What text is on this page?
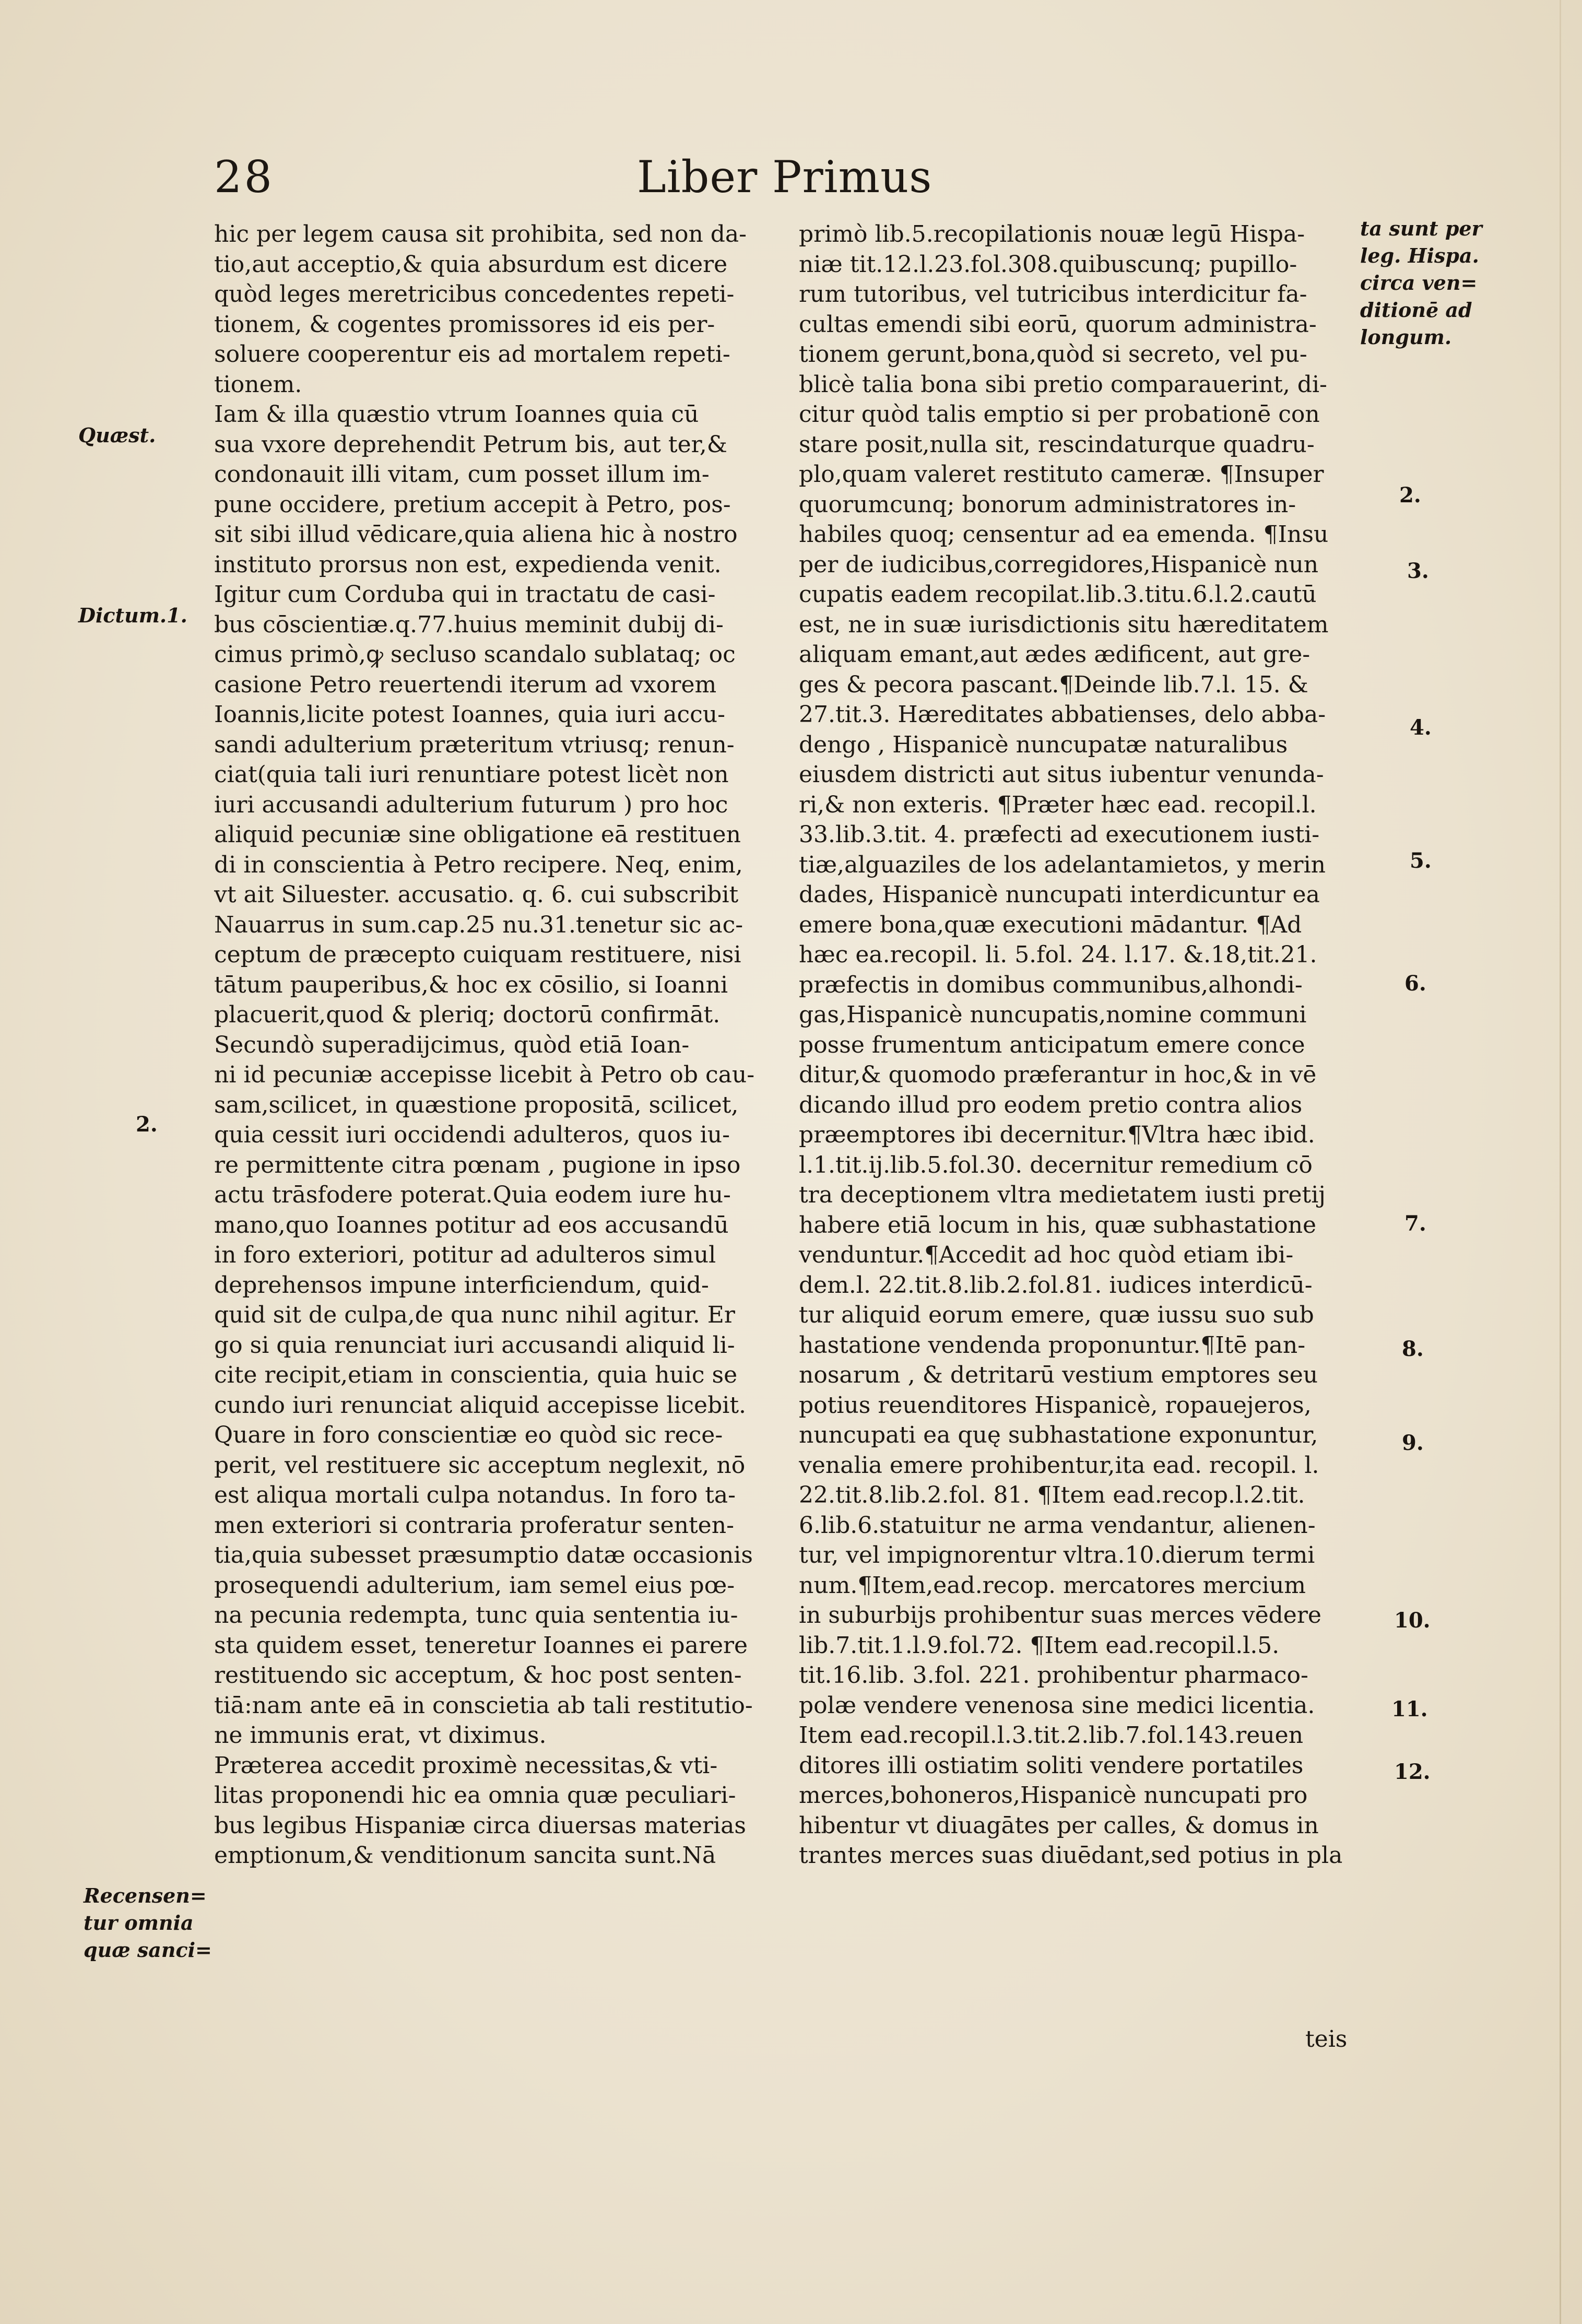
28	Liber Primus
hic per legem causa sit prohibita, sed non da-
tio,aut acceptio,& quia absurdum est dicere
quòd leges meretricibus concedentes repeti-
tionem, & cogentes promissores id eis per-
soluere cooperentur eis ad mortalem repeti-
tionem.
Iam & illa quæstio vtrum Ioannes quia cū
sua vxore deprehendit Petrum bis, aut ter,&
condonauit illi vitam, cum posset illum im-
pune occidere, pretium accepit à Petro, pos-
sit sibi illud vēdicare,quia aliena hic à nostro
instituto prorsus non est, expedienda venit.
Igitur cum Corduba qui in tractatu de casi-
bus cōscientiæ.q.77.huius meminit dubij di-
cimus primò,ꝙ secluso scandalo sublataq; oc
casione Petro reuertendi iterum ad vxorem
Ioannis,licite potest Ioannes, quia iuri accu-
sandi adulterium præteritum vtriusq; renun-
ciat(quia tali iuri renuntiare potest licèt non
iuri accusandi adulterium futurum ) pro hoc
aliquid pecuniæ sine obligatione eā restituen
di in conscientia à Petro recipere. Neq, enim,
vt ait Siluester. accusatio. q. 6. cui subscribit
Nauarrus in sum.cap.25 nu.31.tenetur sic ac-
ceptum de præcepto cuiquam restituere, nisi
tātum pauperibus,& hoc ex cōsilio, si Ioanni
placuerit,quod & pleriq; doctorū confirmāt.
Secundò superadijcimus, quòd etiā Ioan-
ni id pecuniæ accepisse licebit à Petro ob cau-
sam,scilicet, in quæstione propositā, scilicet,
quia cessit iuri occidendi adulteros, quos iu-
re permittente citra pœnam , pugione in ipso
actu trāsfodere poterat.Quia eodem iure hu-
mano,quo Ioannes potitur ad eos accusandū
in foro exteriori, potitur ad adulteros simul
deprehensos impune interficiendum, quid-
quid sit de culpa,de qua nunc nihil agitur. Er
go si quia renunciat iuri accusandi aliquid li-
cite recipit,etiam in conscientia, quia huic se
cundo iuri renunciat aliquid accepisse licebit.
Quare in foro conscientiæ eo quòd sic rece-
perit, vel restituere sic acceptum neglexit, nō
est aliqua mortali culpa notandus. In foro ta-
men exteriori si contraria proferatur senten-
tia,quia subesset præsumptio datæ occasionis
prosequendi adulterium, iam semel eius pœ-
na pecunia redempta, tunc quia sententia iu-
sta quidem esset, teneretur Ioannes ei parere
restituendo sic acceptum, & hoc post senten-
tiā:nam ante eā in conscietia ab tali restitutio-
ne immunis erat, vt diximus.
Præterea accedit proximè necessitas,& vti-
litas proponendi hic ea omnia quæ peculiari-
bus legibus Hispaniæ circa diuersas materias
emptionum,& venditionum sancita sunt.Nā
primò lib.5.recopilationis nouæ legū Hispa-
niæ tit.12.l.23.fol.308.quibuscunq; pupillo-
rum tutoribus, vel tutricibus interdicitur fa-
cultas emendi sibi eorū, quorum administra-
tionem gerunt,bona,quòd si secreto, vel pu-
blicè talia bona sibi pretio comparauerint, di-
citur quòd talis emptio si per probationē con
stare posit,nulla sit, rescindaturque quadru-
plo,quam valeret restituto cameræ. ¶Insuper
quorumcunq; bonorum administratores in-
habiles quoq; censentur ad ea emenda. ¶Insu
per de iudicibus,corregidores,Hispanicè nun
cupatis eadem recopilat.lib.3.titu.6.l.2.cautū
est, ne in suæ iurisdictionis situ hæreditatem
aliquam emant,aut ædes ædificent, aut gre-
ges & pecora pascant.¶Deinde lib.7.l. 15. &
27.tit.3. Hæreditates abbatienses, delo abba-
dengo , Hispanicè nuncupatæ naturalibus
eiusdem districti aut situs iubentur venunda-
ri,& non exteris. ¶Præter hæc ead. recopil.l.
33.lib.3.tit. 4. præfecti ad executionem iusti-
tiæ,alguaziles de los adelantamietos, y merin
dades, Hispanicè nuncupati interdicuntur ea
emere bona,quæ executioni mādantur. ¶Ad
hæc ea.recopil. li. 5.fol. 24. l.17. &.18,tit.21.
præfectis in domibus communibus,alhondi-
gas,Hispanicè nuncupatis,nomine communi
posse frumentum anticipatum emere conce
ditur,& quomodo præferantur in hoc,& in vē
dicando illud pro eodem pretio contra alios
præemptores ibi decernitur.¶Vltra hæc ibid.
l.1.tit.ij.lib.5.fol.30. decernitur remedium cō
tra deceptionem vltra medietatem iusti pretij
habere etiā locum in his, quæ subhastatione
venduntur.¶Accedit ad hoc quòd etiam ibi-
dem.l. 22.tit.8.lib.2.fol.81. iudices interdicū-
tur aliquid eorum emere, quæ iussu suo sub
hastatione vendenda proponuntur.¶Itē pan-
nosarum , & detritarū vestium emptores seu
potius reuenditores Hispanicè, ropauejeros,
nuncupati ea quę subhastatione exponuntur,
venalia emere prohibentur,ita ead. recopil. l.
22.tit.8.lib.2.fol. 81. ¶Item ead.recop.l.2.tit.
6.lib.6.statuitur ne arma vendantur, alienen-
tur, vel impignorentur vltra.10.dierum termi
num.¶Item,ead.recop. mercatores mercium
in suburbijs prohibentur suas merces vēdere
lib.7.tit.1.l.9.fol.72. ¶Item ead.recopil.l.5.
tit.16.lib. 3.fol. 221. prohibentur pharmaco-
polæ vendere venenosa sine medici licentia.
Item ead.recopil.l.3.tit.2.lib.7.fol.143.reuen
ditores illi ostiatim soliti vendere portatiles
merces,bohoneros,Hispanicè nuncupati pro
hibentur vt diuagātes per calles, & domus in
trantes merces suas diuēdant,sed potius in pla
Quæst.
Dictum.1.
2.
Recensen=
tur omnia
quæ sanci=
ta sunt per
leg. Hispa.
circa ven=
ditionē ad
longum.
2.
3.
4.
5.
6.
7.
8.
9.
10.
11.
12.
teis
